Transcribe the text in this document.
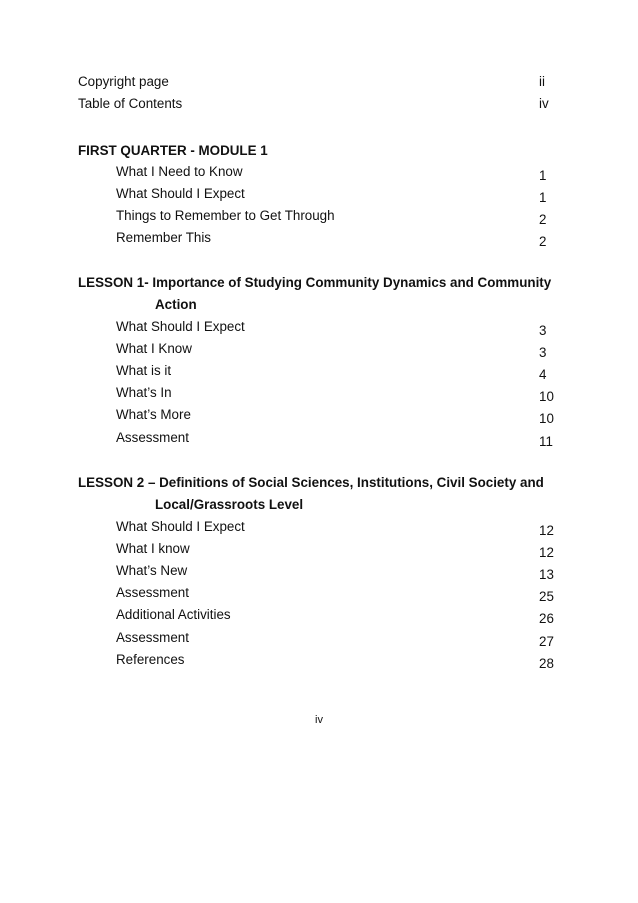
Copyright page	ii
Table of Contents	iv
FIRST QUARTER - MODULE 1
What I Need to Know	1
What Should I Expect	1
Things to Remember to Get Through	2
Remember This	2
LESSON 1- Importance of Studying Community Dynamics and Community
Action
What Should I Expect	3
What I Know	3
What is it	4
What’s In	10
What’s More	10
Assessment	11
LESSON 2 – Definitions of Social Sciences, Institutions, Civil Society and
Local/Grassroots Level
What Should I Expect	12
What I know	12
What’s New	13
Assessment	25
Additional Activities	26
Assessment	27
References	28
iv
